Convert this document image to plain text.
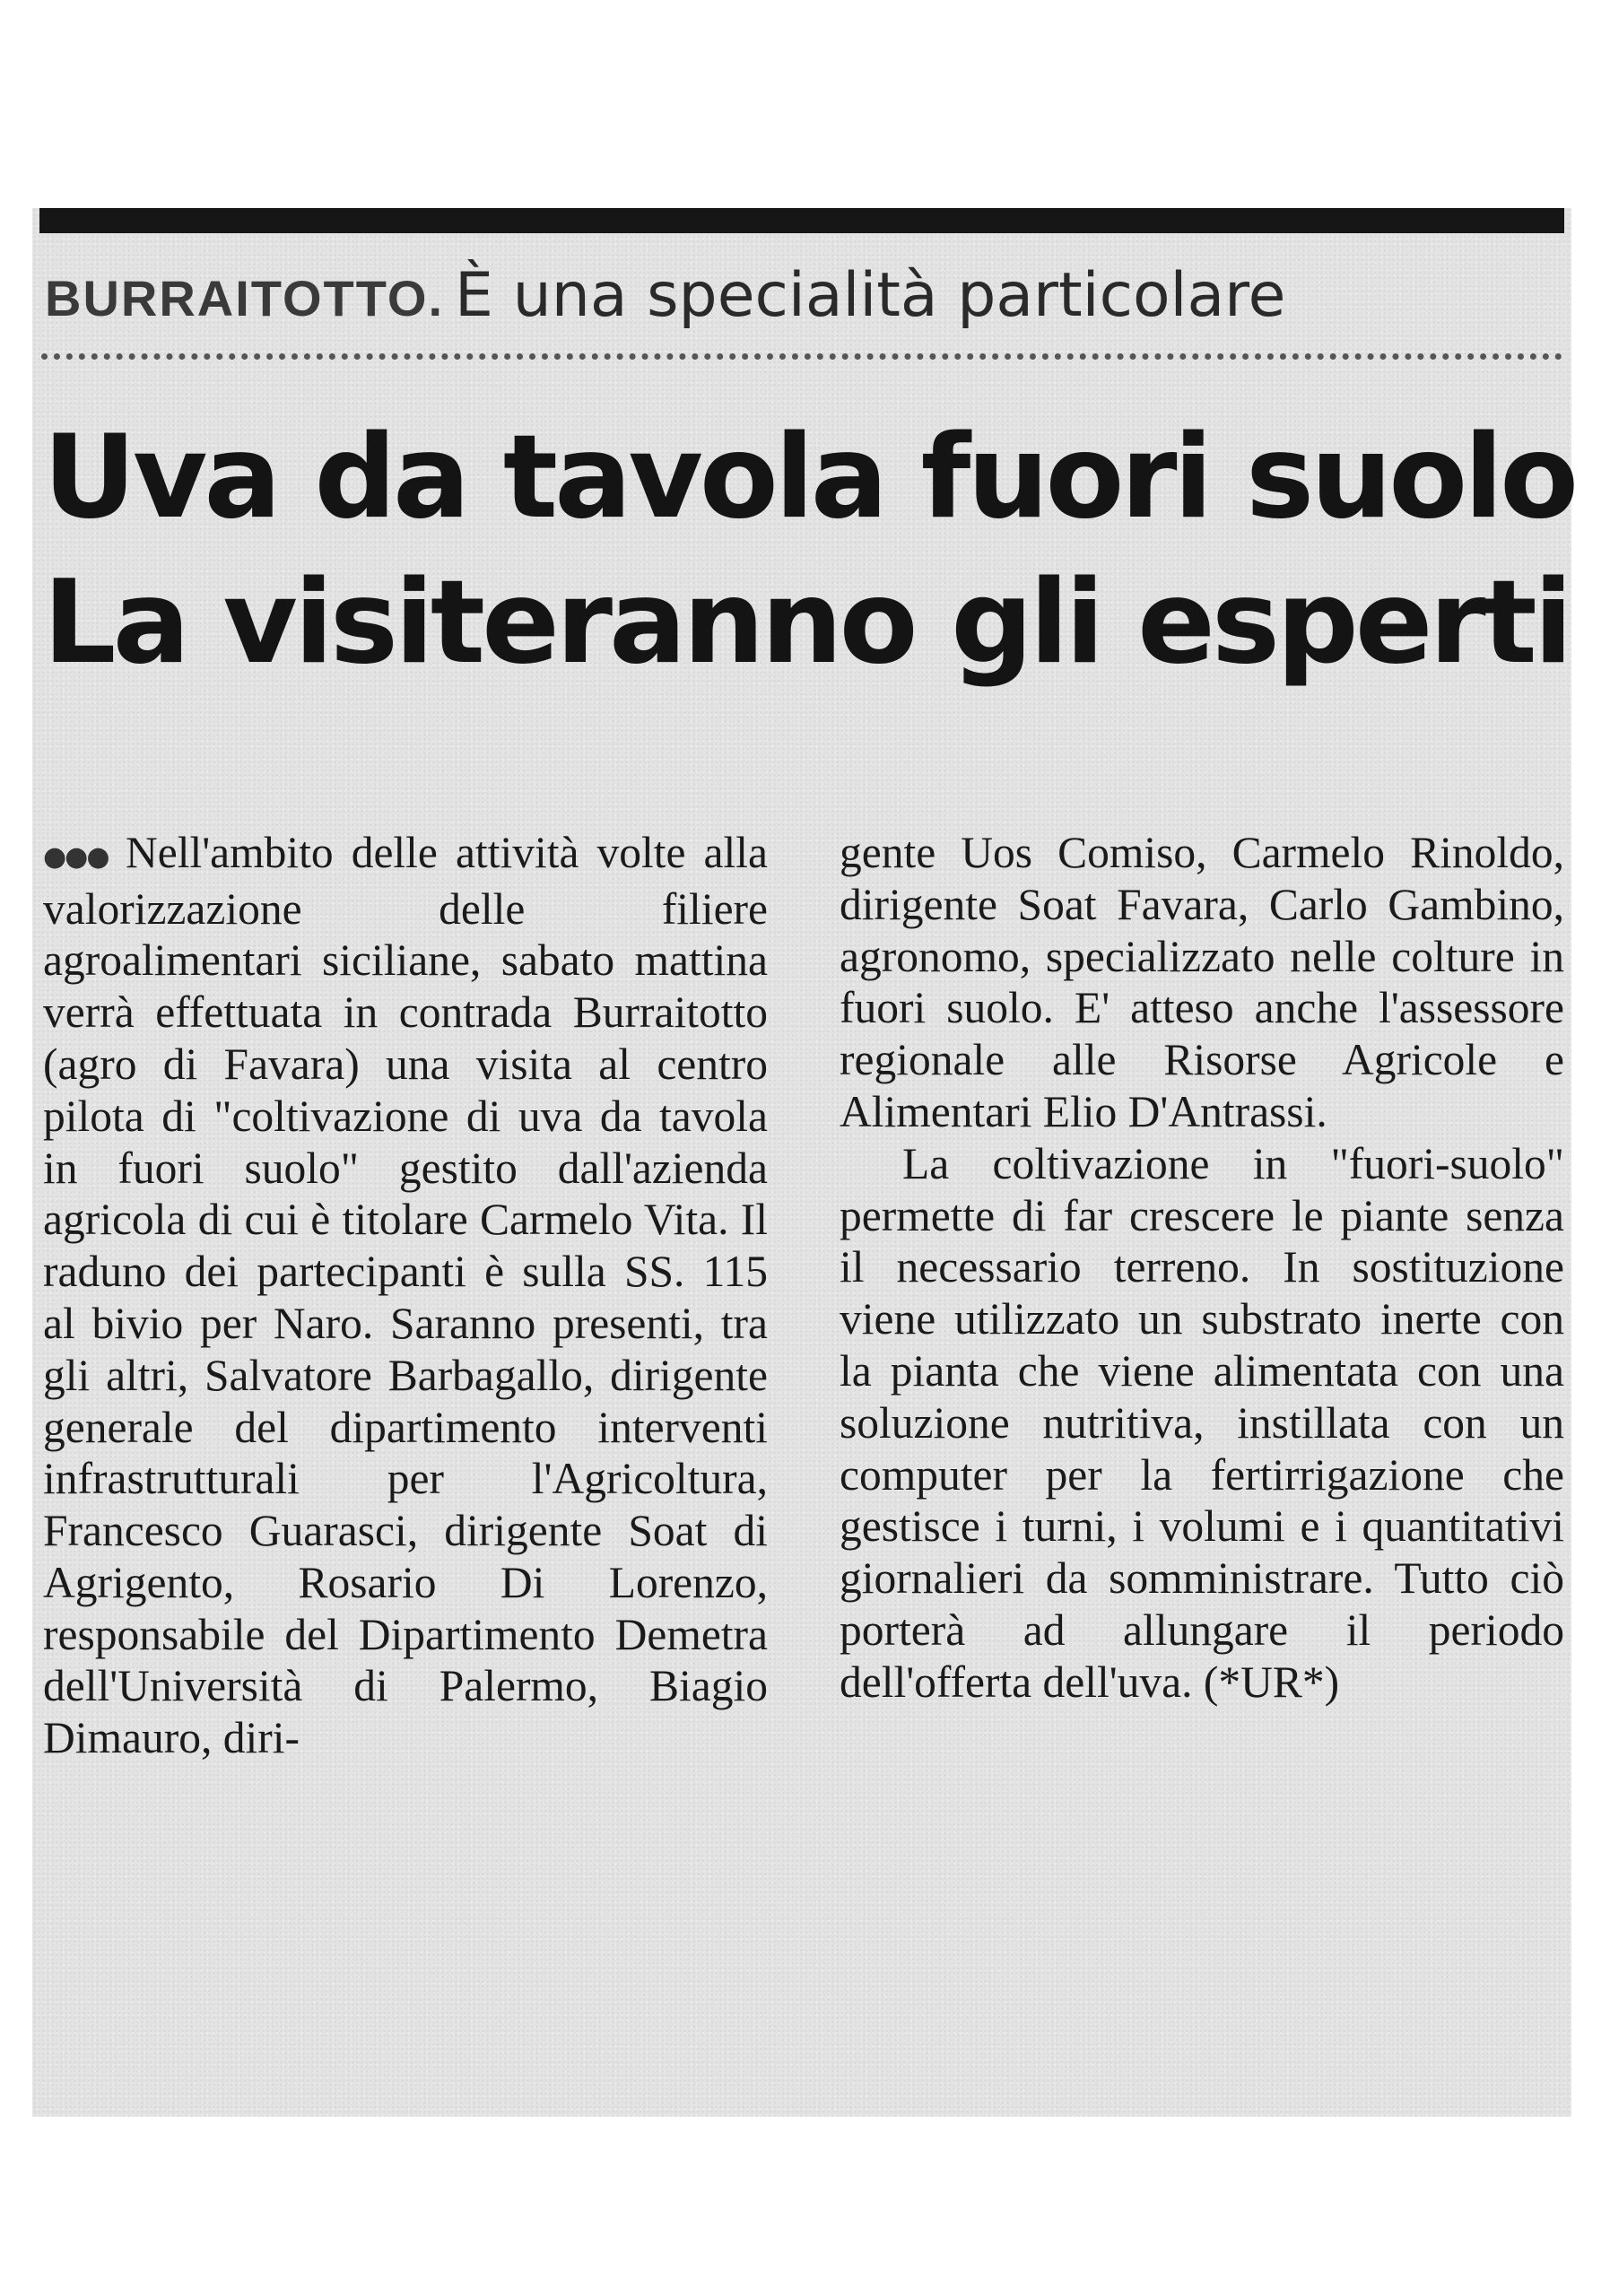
BURRAITOTTO. È una specialità particolare
Uva da tavola fuori suolo
La visiteranno gli esperti
●●● Nell'ambito delle attività volte alla valorizzazione delle filiere agroalimentari siciliane, sabato mattina verrà effettuata in contrada Burraitotto (agro di Favara) una visita al centro pilota di "coltivazione di uva da tavola in fuori suolo" gestito dall'azienda agricola di cui è titolare Carmelo Vita. Il raduno dei partecipanti è sulla SS. 115 al bivio per Naro. Saranno presenti, tra gli altri, Salvatore Barbagallo, dirigente generale del dipartimento interventi infrastrutturali per l'Agricoltura, Francesco Guarasci, dirigente Soat di Agrigento, Rosario Di Lorenzo, responsabile del Dipartimento Demetra dell'Università di Palermo, Biagio Dimauro, diri-
gente Uos Comiso, Carmelo Rinoldo, dirigente Soat Favara, Carlo Gambino, agronomo, specializzato nelle colture in fuori suolo. E' atteso anche l'assessore regionale alle Risorse Agricole e Alimentari Elio D'Antrassi.
La coltivazione in "fuori-suolo" permette di far crescere le piante senza il necessario terreno. In sostituzione viene utilizzato un substrato inerte con la pianta che viene alimentata con una soluzione nutritiva, instillata con un computer per la fertirrigazione che gestisce i turni, i volumi e i quantitativi giornalieri da somministrare. Tutto ciò porterà ad allungare il periodo dell'offerta dell'uva. (*UR*)
